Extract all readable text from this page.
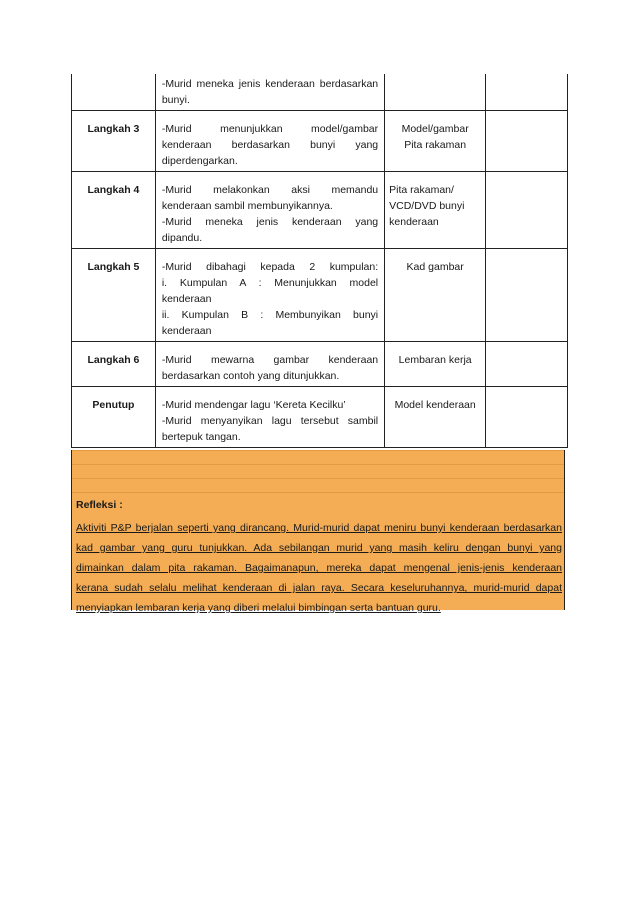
	-Murid meneka jenis kenderaan berdasarkan
bunyi.		

Langkah 3	-Murid menunjukkan model/gambar
kenderaan berdasarkan bunyi yang
diperdengarkan.	Model/gambar
Pita rakaman	

Langkah 4	-Murid melakonkan aksi memandu
kenderaan sambil membunyikannya.
-Murid meneka jenis kenderaan yang
dipandu.	Pita rakaman/
VCD/DVD bunyi
kenderaan	

Langkah 5	-Murid dibahagi kepada 2 kumpulan:
i. Kumpulan A : Menunjukkan model
kenderaan
ii. Kumpulan B : Membunyikan bunyi
kenderaan	Kad gambar	

Langkah 6	-Murid mewarna gambar kenderaan
berdasarkan contoh yang ditunjukkan.	Lembaran kerja	

Penutup	-Murid mendengar lagu ‘Kereta Kecilku’
-Murid menyanyikan lagu tersebut sambil
bertepuk tangan.	Model kenderaan	

Refleksi :
Aktiviti P&P berjalan seperti yang dirancang. Murid-murid dapat meniru bunyi kenderaan berdasarkan
kad gambar yang guru tunjukkan. Ada sebilangan murid yang masih keliru dengan bunyi yang
dimainkan dalam pita rakaman. Bagaimanapun, mereka dapat mengenal jenis-jenis kenderaan
kerana sudah selalu melihat kenderaan di jalan raya. Secara keseluruhannya, murid-murid dapat
menyiapkan lembaran kerja yang diberi melalui bimbingan serta bantuan guru.
